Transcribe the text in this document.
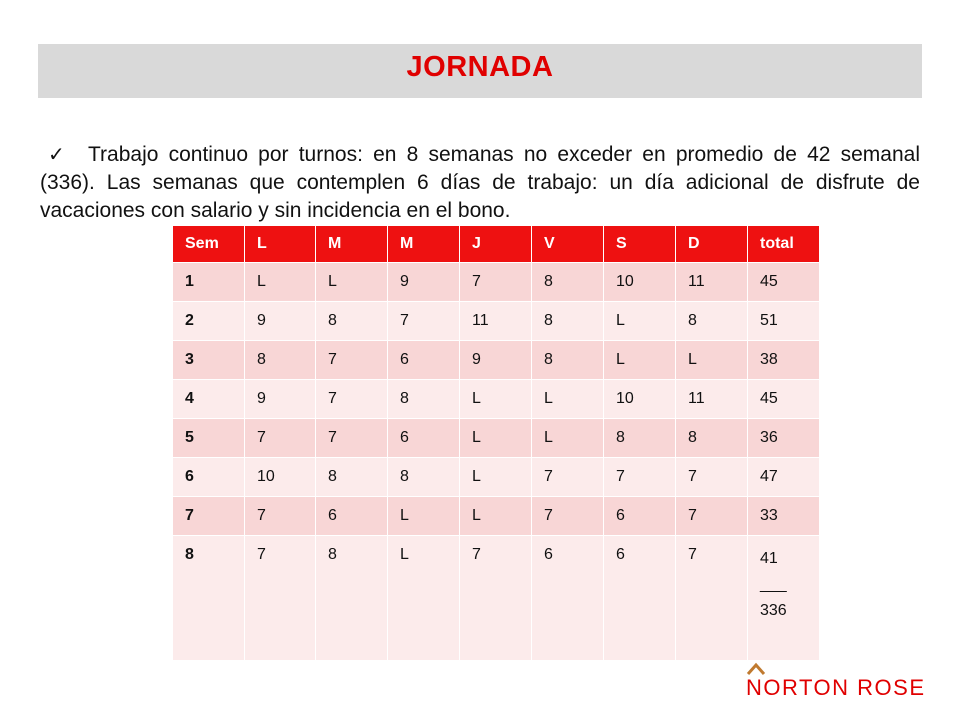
JORNADA

✓ Trabajo continuo por turnos: en 8 semanas no exceder en promedio de 42 semanal (336). Las semanas que contemplen 6 días de trabajo: un día adicional de disfrute de vacaciones con salario y sin incidencia en el bono.

Sem	L	M	M	J	V	S	D	total
1	L	L	9	7	8	10	11	45
2	9	8	7	11	8	L	8	51
3	8	7	6	9	8	L	L	38
4	9	7	8	L	L	10	11	45
5	7	7	6	L	L	8	8	36
6	10	8	8	L	7	7	7	47
7	7	6	L	L	7	6	7	33
8	7	8	L	7	6	6	7	41
___
336
NORTON ROSE
